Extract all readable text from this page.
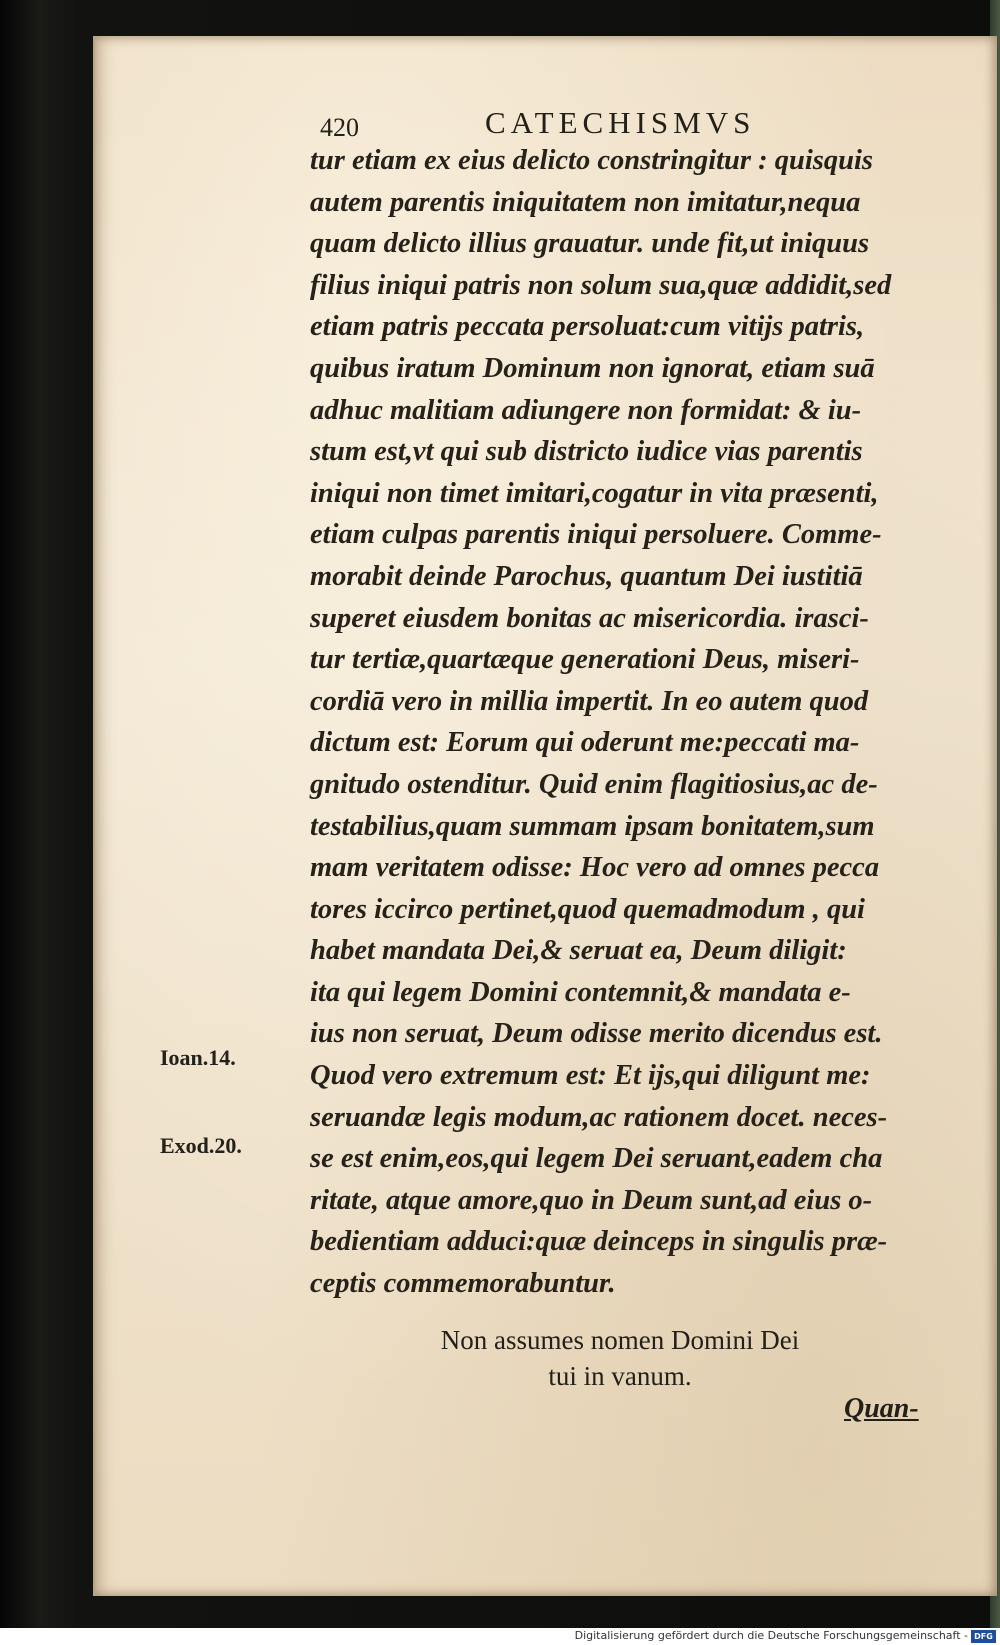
420	CATECHISMVS
tur etiam ex eius delicto constringitur : quisquis
autem parentis iniquitatem non imitatur,nequa
quam delicto illius grauatur. unde fit,ut iniquus
filius iniqui patris non solum sua,quæ addidit,sed
etiam patris peccata persoluat:cum vitijs patris,
quibus iratum Dominum non ignorat, etiam suā
adhuc malitiam adiungere non formidat: & iu-
stum est,vt qui sub districto iudice vias parentis
iniqui non timet imitari,cogatur in vita præsenti,
etiam culpas parentis iniqui persoluere. Comme-
morabit deinde Parochus, quantum Dei iustitiā
superet eiusdem bonitas ac misericordia. irasci-
tur tertiæ,quartæque generationi Deus, miseri-
cordiā vero in millia impertit. In eo autem quod
dictum est: Eorum qui oderunt me:peccati ma-
gnitudo ostenditur. Quid enim flagitiosius,ac de-
testabilius,quam summam ipsam bonitatem,sum
mam veritatem odisse: Hoc vero ad omnes pecca
tores iccirco pertinet,quod quemadmodum , qui
habet mandata Dei,& seruat ea, Deum diligit:
ita qui legem Domini contemnit,& mandata e-
ius non seruat, Deum odisse merito dicendus est.
Quod vero extremum est: Et ijs,qui diligunt me:
seruandæ legis modum,ac rationem docet. neces-
se est enim,eos,qui legem Dei seruant,eadem cha
ritate, atque amore,quo in Deum sunt,ad eius o-
bedientiam adduci:quæ deinceps in singulis præ-
ceptis commemorabuntur.
Ioan.14.
Exod.20.
Non assumes nomen Domini Dei
tui in vanum.
Quan-
Digitalisierung gefördert durch die Deutsche Forschungsgemeinschaft - DFG
